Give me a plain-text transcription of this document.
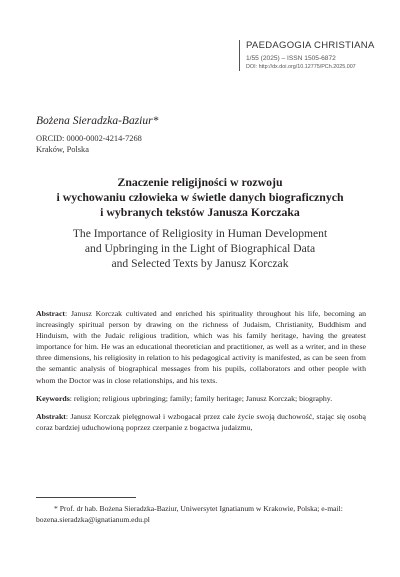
PAEDAGOGIA CHRISTIANA
1/55 (2025) – ISSN 1505-6872
DOI: http://dx.doi.org/10.12775/PCh.2025.007
Bożena Sieradzka-Baziur*
ORCID: 0000-0002-4214-7268
Kraków, Polska
Znaczenie religijności w rozwoju
i wychowaniu człowieka w świetle danych biograficznych
i wybranych tekstów Janusza Korczaka
The Importance of Religiosity in Human Development
and Upbringing in the Light of Biographical Data
and Selected Texts by Janusz Korczak

Abstract: Janusz Korczak cultivated and enriched his spirituality throughout his life, becoming an increasingly spiritual person by drawing on the richness of Judaism, Christianity, Buddhism and Hinduism, with the Judaic religious tradition, which was his family heritage, having the greatest importance for him. He was an educational theoretician and practitioner, as well as a writer, and in these three dimensions, his religiosity in relation to his pedagogical activity is manifested, as can be seen from the semantic analysis of biographical messages from his pupils, collaborators and other people with whom the Doctor was in close relationships, and his texts.

Keywords: religion; religious upbringing; family; family heritage; Janusz Korczak; biography.

Abstrakt: Janusz Korczak pielęgnował i wzbogacał przez całe życie swoją duchowość, stając się osobą coraz bardziej uduchowioną poprzez czerpanie z bogactwa judaizmu,

* Prof. dr hab. Bożena Sieradzka-Baziur, Uniwersytet Ignatianum w Krakowie, Polska; e-mail: bozena.sieradzka@ignatianum.edu.pl
